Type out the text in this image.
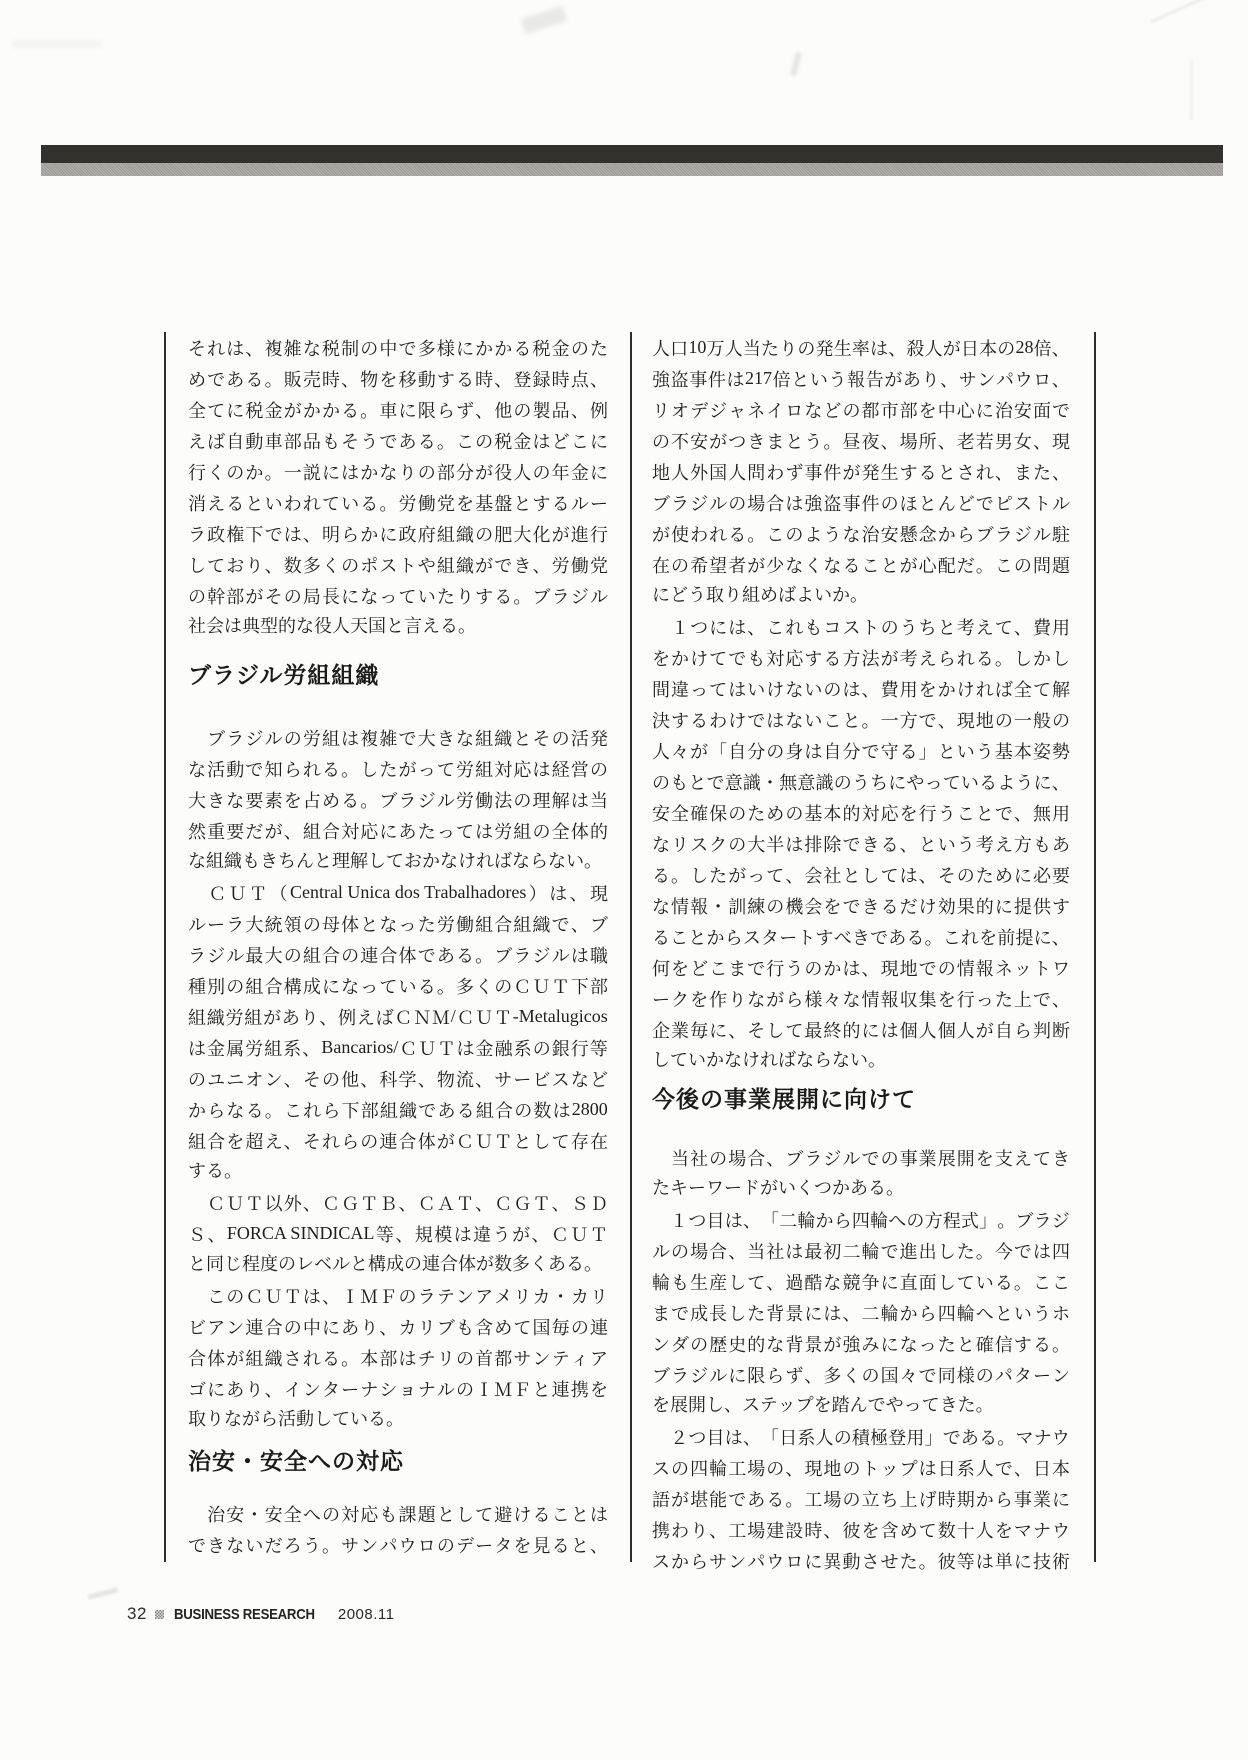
そ れ は 、 複 雑 な 税 制 の 中 で 多 様 に か か る 税 金 の た
め で あ る 。 販 売 時 、 物 を 移 動 す る 時 、 登 録 時 点 、
全 て に 税 金 が か か る 。 車 に 限 ら ず 、 他 の 製 品 、 例
え ば 自 動 車 部 品 も そ う で あ る 。 こ の 税 金 は ど こ に
行 く の か 。 一 説 に は か な り の 部 分 が 役 人 の 年 金 に
消 え る と い わ れ て い る 。 労 働 党 を 基 盤 と す る ル ー
ラ 政 権 下 で は 、 明 ら か に 政 府 組 織 の 肥 大 化 が 進 行
し て お り 、 数 多 く の ポ ス ト や 組 織 が で き 、 労 働 党
の 幹 部 が そ の 局 長 に な っ て い た り す る 。 ブ ラ ジ ル
社会は典型的な役人天国と言える。
ブラジル労組組織

ブ ラ ジ ル の 労 組 は 複 雑 で 大 き な 組 織 と そ の 活 発
な 活 動 で 知 ら れ る 。 し た が っ て 労 組 対 応 は 経 営 の
大 き な 要 素 を 占 め る 。 ブ ラ ジ ル 労 働 法 の 理 解 は 当
然 重 要 だ が 、 組 合 対 応 に あ た っ て は 労 組 の 全 体 的
な組織もきちんと理解しておかなければならない。

Ｃ Ｕ Ｔ （ Central Unica dos Trabalhadores ） は 、 現
ル ー ラ 大 統 領 の 母 体 と な っ た 労 働 組 合 組 織 で 、 ブ
ラ ジ ル 最 大 の 組 合 の 連 合 体 で あ る 。 ブ ラ ジ ル は 職
種 別 の 組 合 構 成 に な っ て い る 。 多 く の Ｃ Ｕ Ｔ 下 部
組 織 労 組 が あ り 、 例 え ば Ｃ Ｎ Ｍ / Ｃ Ｕ Ｔ -Metalugicos
は 金 属 労 組 系 、 Bancarios/ Ｃ Ｕ Ｔ は 金 融 系 の 銀 行 等
の ユ ニ オ ン 、 そ の 他 、 科 学 、 物 流 、 サ ー ビ ス な ど
か ら な る 。 こ れ ら 下 部 組 織 で あ る 組 合 の 数 は 2800
組 合 を 超 え 、 そ れ ら の 連 合 体 が Ｃ Ｕ Ｔ と し て 存 在
する。

Ｃ Ｕ Ｔ 以 外 、 Ｃ Ｇ Ｔ Ｂ 、 Ｃ Ａ Ｔ 、 Ｃ Ｇ Ｔ 、 Ｓ Ｄ
Ｓ 、 FORCA SINDICAL 等 、 規 模 は 違 う が 、 Ｃ Ｕ Ｔ
と同じ程度のレベルと構成の連合体が数多くある。

こ の Ｃ Ｕ Ｔ は 、 Ｉ Ｍ Ｆ の ラ テ ン ア メ リ カ ・ カ リ
ビ ア ン 連 合 の 中 に あ り 、 カ リ ブ も 含 め て 国 毎 の 連
合 体 が 組 織 さ れ る 。 本 部 は チ リ の 首 都 サ ン テ ィ ア
ゴ に あ り 、 イ ン タ ー ナ シ ョ ナ ル の Ｉ Ｍ Ｆ と 連 携 を
取りながら活動している。
治安・安全への対応

治 安 ・ 安 全 へ の 対 応 も 課 題 と し て 避 け る こ と は
で き な い だ ろ う 。 サ ン パ ウ ロ の デ ー タ を 見 る と 、
人 口 10 万 人 当 た り の 発 生 率 は 、 殺 人 が 日 本 の 28 倍 、
強 盗 事 件 は 217 倍 と い う 報 告 が あ り 、 サ ン パ ウ ロ 、
リ オ デ ジ ャ ネ イ ロ な ど の 都 市 部 を 中 心 に 治 安 面 で
の 不 安 が つ き ま と う 。 昼 夜 、 場 所 、 老 若 男 女 、 現
地 人 外 国 人 問 わ ず 事 件 が 発 生 す る と さ れ 、 ま た 、
ブ ラ ジ ル の 場 合 は 強 盗 事 件 の ほ と ん ど で ピ ス ト ル
が 使 わ れ る 。 こ の よ う な 治 安 懸 念 か ら ブ ラ ジ ル 駐
在 の 希 望 者 が 少 な く な る こ と が 心 配 だ 。 こ の 問 題
にどう取り組めばよいか。

１ つ に は 、 こ れ も コ ス ト の う ち と 考 え て 、 費 用
を か け て で も 対 応 す る 方 法 が 考 え ら れ る 。 し か し
間 違 っ て は い け な い の は 、 費 用 を か け れ ば 全 て 解
決 す る わ け で は な い こ と 。 一 方 で 、 現 地 の 一 般 の
人 々 が 「 自 分 の 身 は 自 分 で 守 る 」 と い う 基 本 姿 勢
の も と で 意 識 ・ 無 意 識 の う ち に や っ て い る よ う に 、
安 全 確 保 の た め の 基 本 的 対 応 を 行 う こ と で 、 無 用
な リ ス ク の 大 半 は 排 除 で き る 、 と い う 考 え 方 も あ
る 。 し た が っ て 、 会 社 と し て は 、 そ の た め に 必 要
な 情 報 ・ 訓 練 の 機 会 を で き る だ け 効 果 的 に 提 供 す
る こ と か ら ス タ ー ト す べ き で あ る 。 こ れ を 前 提 に 、
何 を ど こ ま で 行 う の か は 、 現 地 で の 情 報 ネ ッ ト ワ
ー ク を 作 り な が ら 様 々 な 情 報 収 集 を 行 っ た 上 で 、
企 業 毎 に 、 そ し て 最 終 的 に は 個 人 個 人 が 自 ら 判 断
していかなければならない。
今後の事業展開に向けて

当 社 の 場 合 、 ブ ラ ジ ル で の 事 業 展 開 を 支 え て き
たキーワードがいくつかある。

１ つ 目 は 、 「 二 輪 か ら 四 輪 へ の 方 程 式 」 。 ブ ラ ジ
ル の 場 合 、 当 社 は 最 初 二 輪 で 進 出 し た 。 今 で は 四
輪 も 生 産 し て 、 過 酷 な 競 争 に 直 面 し て い る 。 こ こ
ま で 成 長 し た 背 景 に は 、 二 輪 か ら 四 輪 へ と い う ホ
ン ダ の 歴 史 的 な 背 景 が 強 み に な っ た と 確 信 す る 。
ブ ラ ジ ル に 限 ら ず 、 多 く の 国 々 で 同 様 の パ タ ー ン
を展開し、ステップを踏んでやってきた。

２ つ 目 は 、 「 日 系 人 の 積 極 登 用 」 で あ る 。 マ ナ ウ
ス の 四 輪 工 場 の 、 現 地 の ト ッ プ は 日 系 人 で 、 日 本
語 が 堪 能 で あ る 。 工 場 の 立 ち 上 げ 時 期 か ら 事 業 に
携 わ り 、 工 場 建 設 時 、 彼 を 含 め て 数 十 人 を マ ナ ウ
ス か ら サ ン パ ウ ロ に 異 動 さ せ た 。 彼 等 は 単 に 技 術
32 BUSINESS RESEARCH 2008.11
